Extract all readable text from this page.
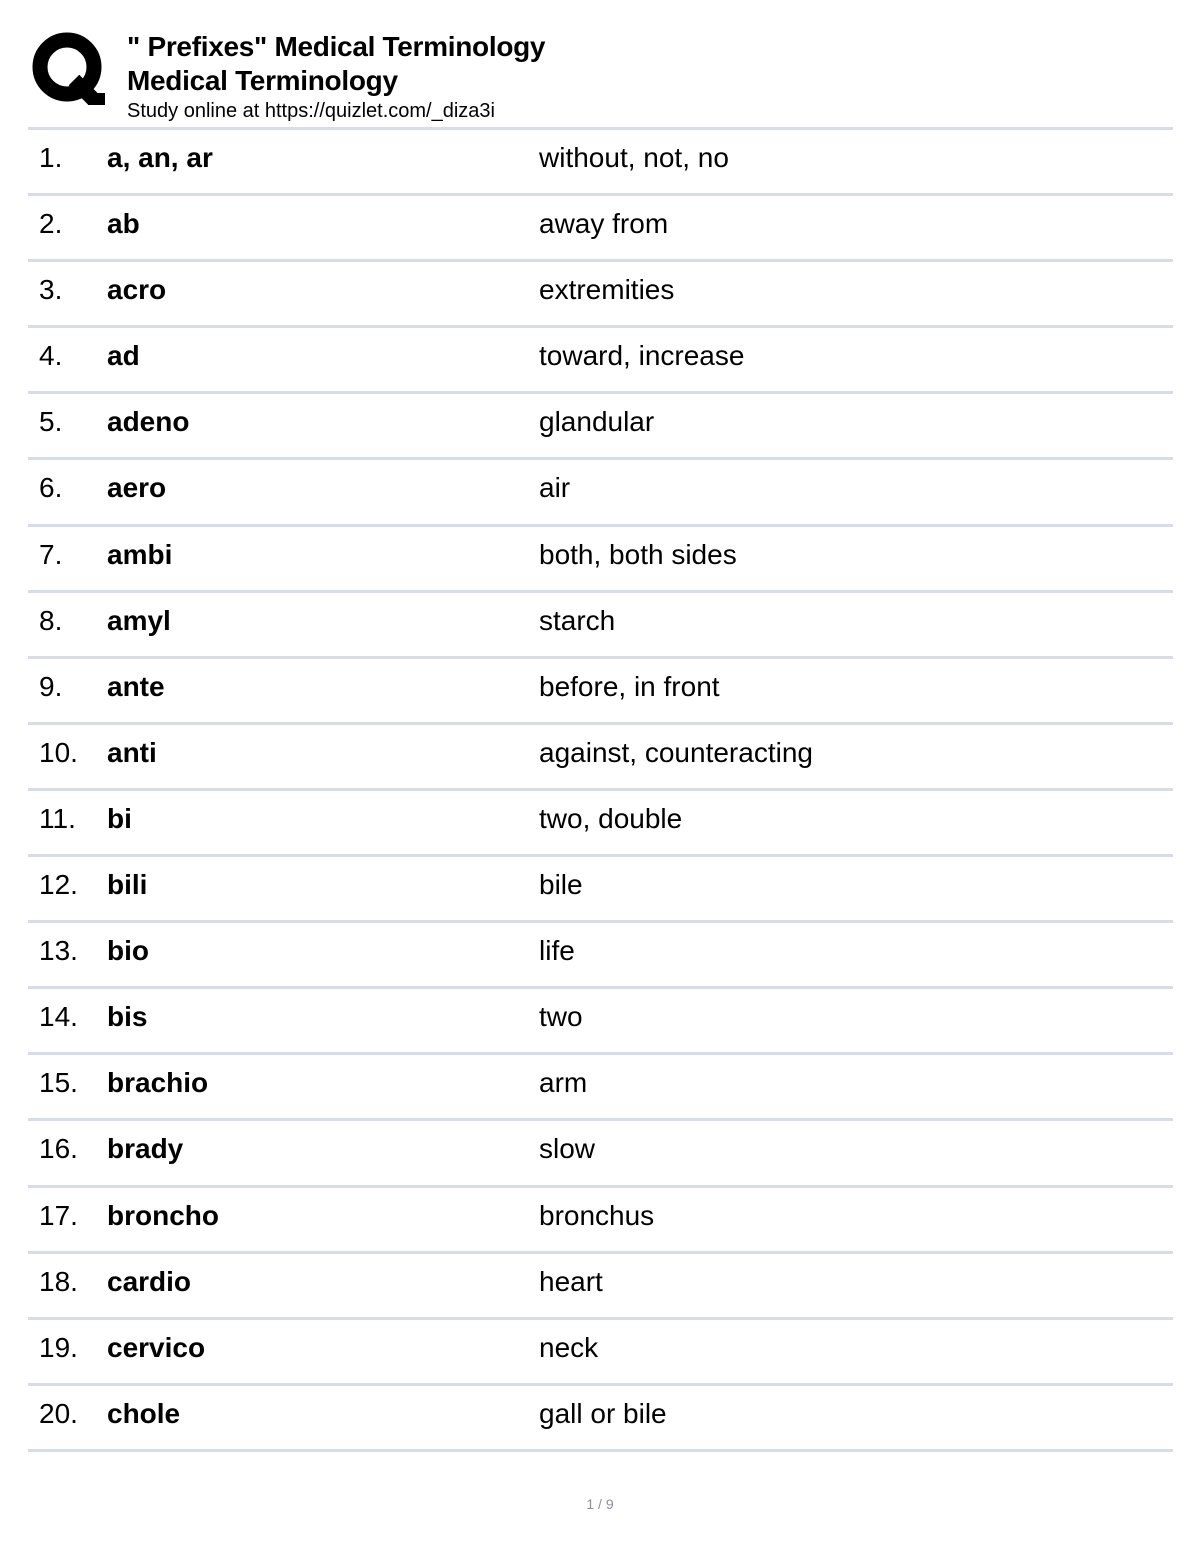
" Prefixes" Medical Terminology
Medical Terminology
Study online at https://quizlet.com/_diza3i
1. a, an, ar	without, not, no
2. ab	away from
3. acro	extremities
4. ad	toward, increase
5. adeno	glandular
6. aero	air
7. ambi	both, both sides
8. amyl	starch
9. ante	before, in front
10. anti	against, counteracting
11. bi	two, double
12. bili	bile
13. bio	life
14. bis	two
15. brachio	arm
16. brady	slow
17. broncho	bronchus
18. cardio	heart
19. cervico	neck
20. chole	gall or bile
1 / 9
